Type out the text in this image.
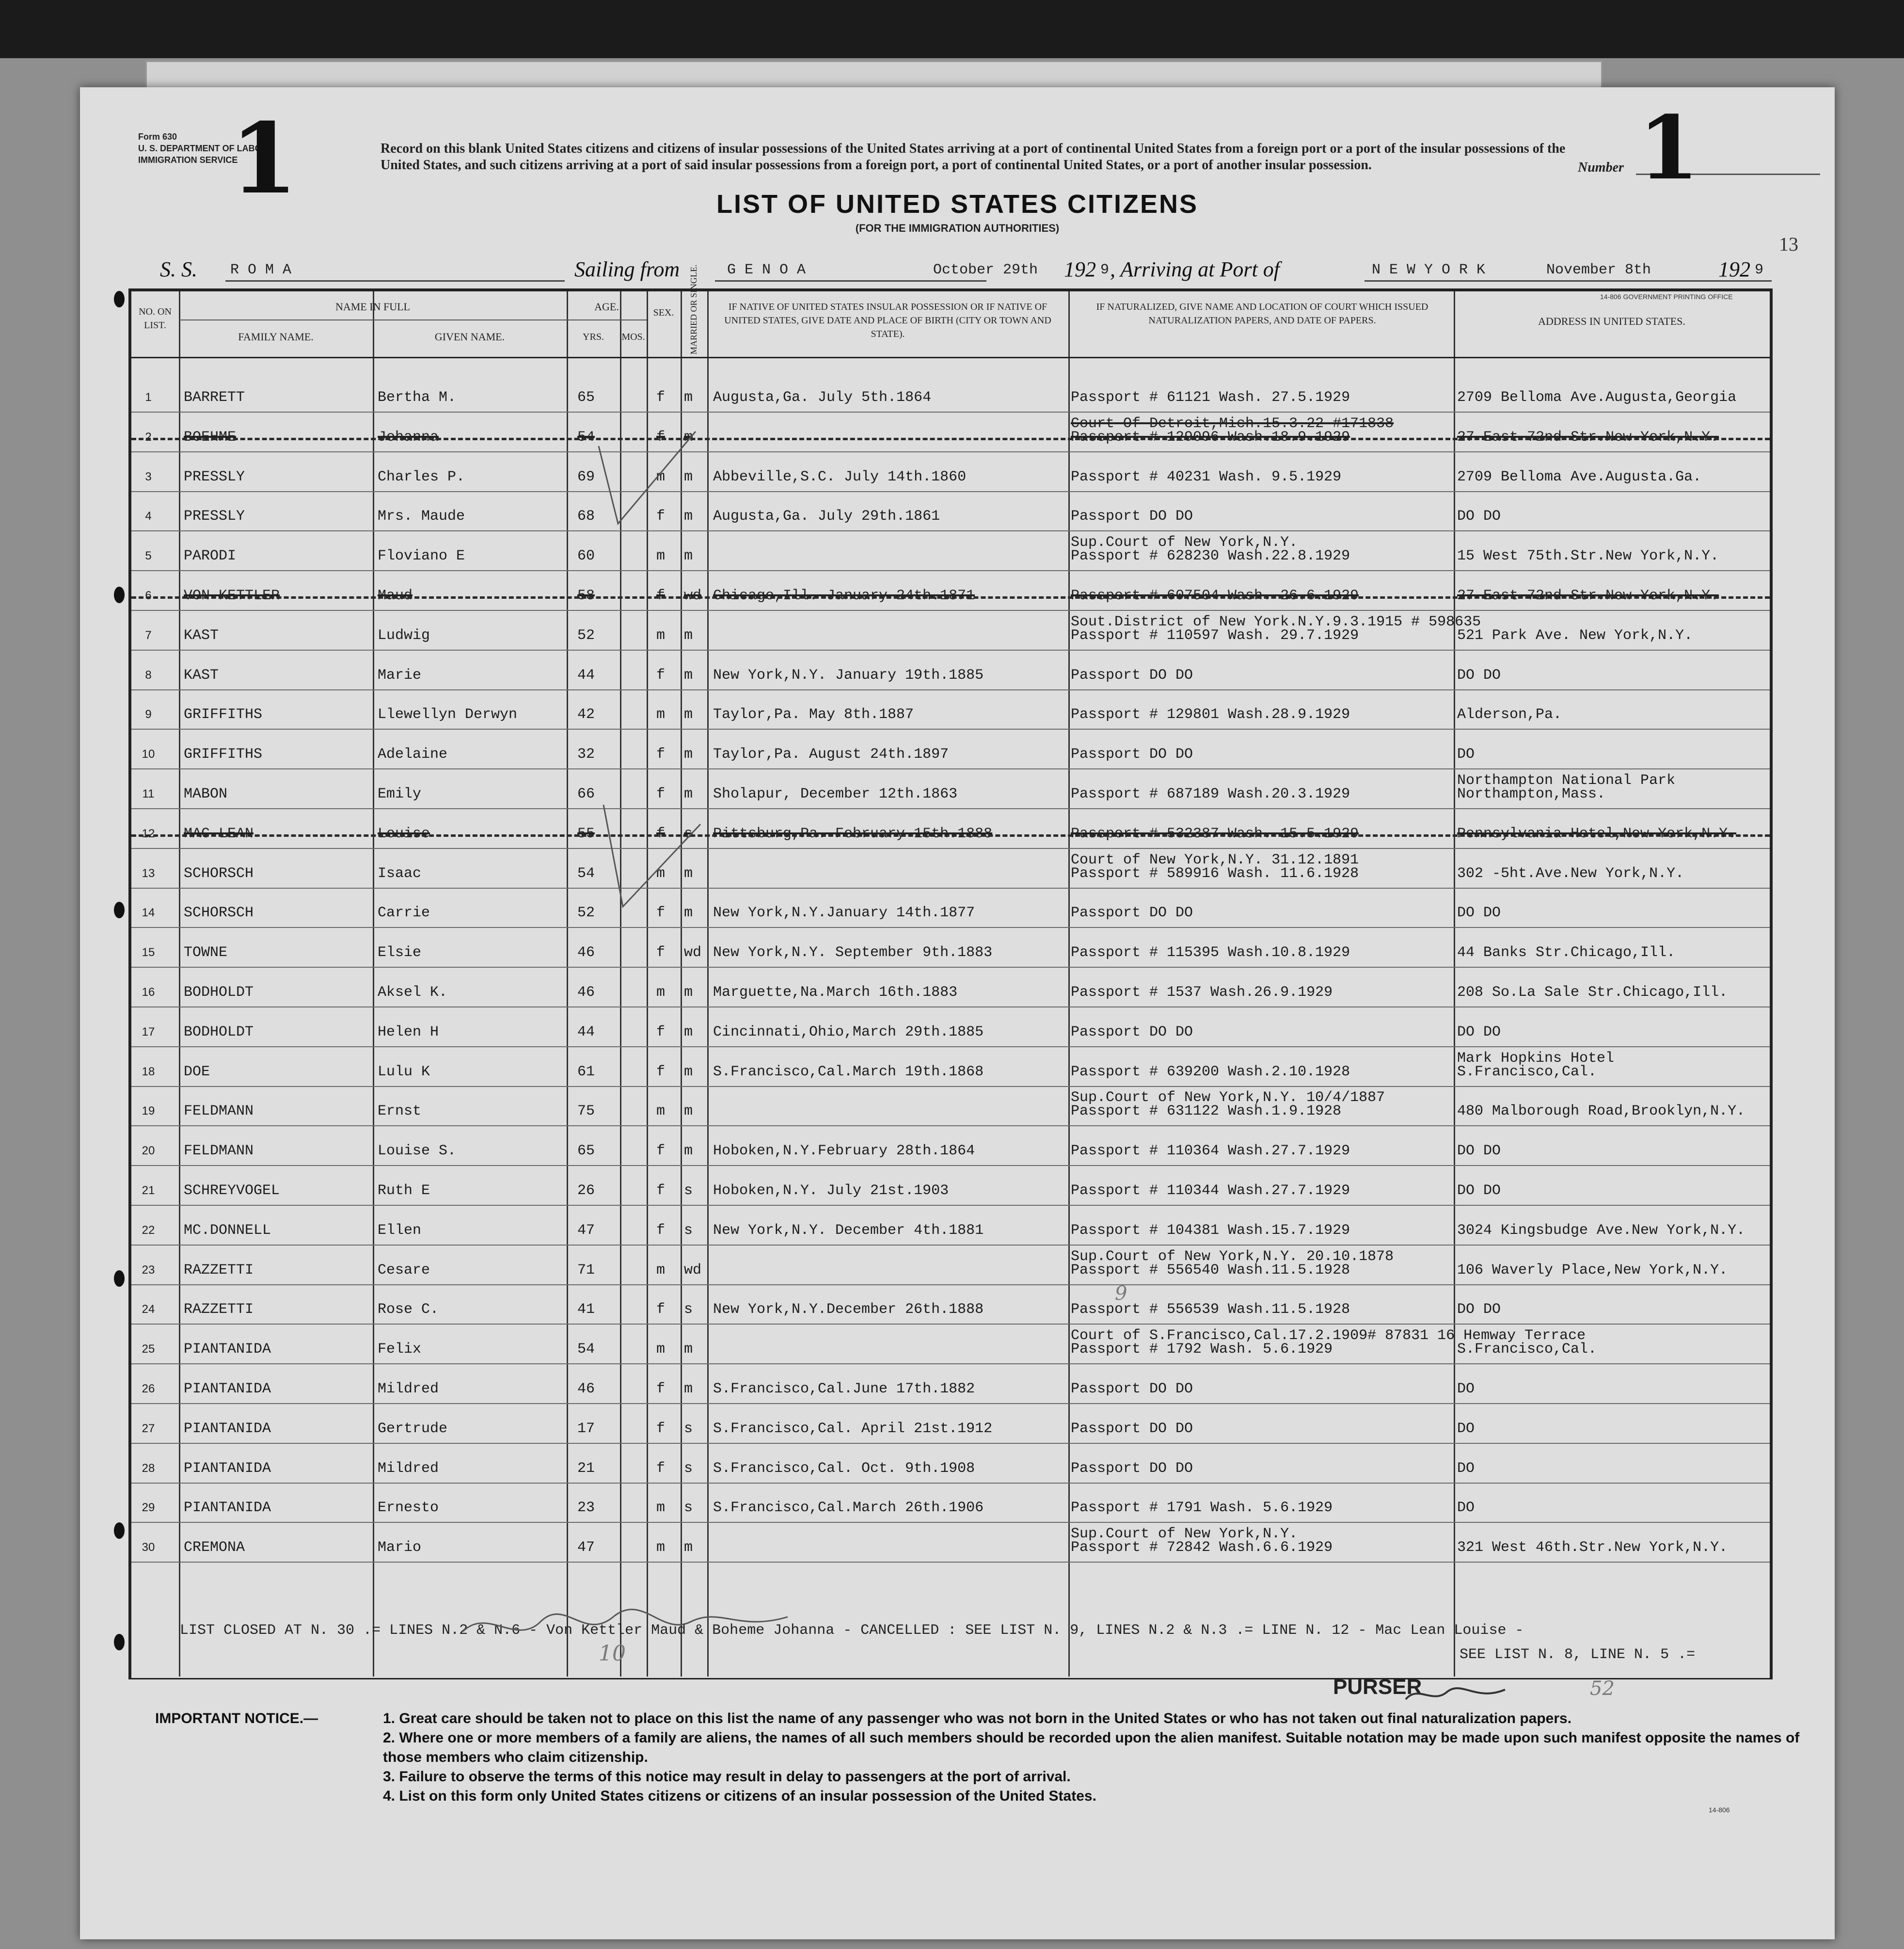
Form 630
U. S. DEPARTMENT OF LABOR
IMMIGRATION SERVICE
1	Record on this blank United States citizens and citizens of insular possessions of the United States arriving at a port of continental United States from a foreign port or a port of the insular possessions of the United States, and such citizens arriving at a port of said insular possessions from a foreign port, a port of continental United States, or a port of another insular possession.	Number 1
LIST OF UNITED STATES CITIZENS
(FOR THE IMMIGRATION AUTHORITIES)
13
S. S. R O M A	Sailing from	G E N O A	October 29th 192 9 , Arriving at Port of	N E W Y O R K	November 8th	192 9
NO. ON LIST.
NAME IN FULL
FAMILY NAME.	GIVEN NAME.
AGE.
YRS.	MOS.
SEX.	MARRIED OR SINGLE.	IF NATIVE OF UNITED STATES INSULAR POSSESSION OR IF NATIVE OF UNITED STATES, GIVE DATE AND PLACE OF BIRTH (CITY OR TOWN AND STATE).
IF NATURALIZED, GIVE NAME AND LOCATION OF COURT WHICH ISSUED NATURALIZATION PAPERS, AND DATE OF PAPERS.	ADDRESS IN UNITED STATES.
14-806 GOVERNMENT PRINTING OFFICE
1	BARRETT	Bertha M.	65	f m Augusta,Ga. July 5th.1864	Passport # 61121 Wash. 27.5.1929	2709 Belloma Ave.Augusta,Georgia
2	BOEHME	Johanna	54	f m
Court Of Detroit,Mich.15.3.22 #171838
Passport # 129096 Wash.18.9.1929	27 East 72nd Str.New York,N.Y.
3	PRESSLY	Charles P.	69	m m Abbeville,S.C. July 14th.1860	Passport # 40231 Wash. 9.5.1929	2709 Belloma Ave.Augusta.Ga.
4	PRESSLY	Mrs. Maude	68	f m Augusta,Ga. July 29th.1861	Passport DO DO	DO DO
5	PARODI	Floviano E	60	m m
Sup.Court of New York,N.Y.
Passport # 628230 Wash.22.8.1929	15 West 75th.Str.New York,N.Y.
6	VON KETTLER	Maud	58	f wd Chicago,Ill. January 24th.1871	Passport # 607504 Wash. 26.6.1929	27 East 72nd Str.New York,N.Y.
7	KAST	Ludwig	52	m m
Sout.District of New York.N.Y.9.3.1915 # 598635
Passport # 110597 Wash. 29.7.1929	521 Park Ave. New York,N.Y.
8	KAST	Marie	44	f m New York,N.Y. January 19th.1885	Passport DO DO	DO DO
9	GRIFFITHS	Llewellyn Derwyn	42	m m Taylor,Pa. May 8th.1887	Passport # 129801 Wash.28.9.1929	Alderson,Pa.
10	GRIFFITHS	Adelaine	32	f m Taylor,Pa. August 24th.1897	Passport DO DO	DO
11	MABON	Emily	66	f m Sholapur, December 12th.1863	Passport # 687189 Wash.20.3.1929
Northampton National Park
Northampton,Mass.
12	MAC LEAN	Louise	55	f s Pittsburg,Pa. February 15th.1888	Passport # 532387 Wash. 15.5.1929	Pennsylvania Hotel,New York,N.Y.
13	SCHORSCH	Isaac	54	m m
Court of New York,N.Y. 31.12.1891
Passport # 589916 Wash. 11.6.1928	302 -5ht.Ave.New York,N.Y.
14	SCHORSCH	Carrie	52	f m New York,N.Y.January 14th.1877	Passport DO DO	DO DO
15	TOWNE	Elsie	46	f wd New York,N.Y. September 9th.1883	Passport # 115395 Wash.10.8.1929	44 Banks Str.Chicago,Ill.
16	BODHOLDT	Aksel K.	46	m m Marguette,Na.March 16th.1883	Passport # 1537 Wash.26.9.1929	208 So.La Sale Str.Chicago,Ill.
17	BODHOLDT	Helen H	44	f m Cincinnati,Ohio,March 29th.1885	Passport DO DO	DO DO
18	DOE	Lulu K	61	f m S.Francisco,Cal.March 19th.1868	Passport # 639200 Wash.2.10.1928
Mark Hopkins Hotel
S.Francisco,Cal.
19	FELDMANN	Ernst	75	m m
Sup.Court of New York,N.Y. 10/4/1887
Passport # 631122 Wash.1.9.1928	480 Malborough Road,Brooklyn,N.Y.
20	FELDMANN	Louise S.	65	f m Hoboken,N.Y.February 28th.1864	Passport # 110364 Wash.27.7.1929	DO DO
21	SCHREYVOGEL	Ruth E	26	f s Hoboken,N.Y. July 21st.1903	Passport # 110344 Wash.27.7.1929	DO DO
22	MC.DONNELL	Ellen	47	f s New York,N.Y. December 4th.1881	Passport # 104381 Wash.15.7.1929	3024 Kingsbudge Ave.New York,N.Y.
23	RAZZETTI	Cesare	71	m wd
Sup.Court of New York,N.Y. 20.10.1878
Passport # 556540 Wash.11.5.1928	106 Waverly Place,New York,N.Y.
24	RAZZETTI	Rose C.	41	f s New York,N.Y.December 26th.1888	Passport # 556539 Wash.11.5.1928	DO DO
25	PIANTANIDA	Felix	54	m m
Court of S.Francisco,Cal.17.2.1909# 87831 16 Hemway Terrace
Passport # 1792 Wash. 5.6.1929	S.Francisco,Cal.
26	PIANTANIDA	Mildred	46	f m S.Francisco,Cal.June 17th.1882	Passport DO DO	DO
27	PIANTANIDA	Gertrude	17	f s S.Francisco,Cal. April 21st.1912	Passport DO DO	DO
28	PIANTANIDA	Mildred	21	f s S.Francisco,Cal. Oct. 9th.1908	Passport DO DO	DO
29	PIANTANIDA	Ernesto	23	m s S.Francisco,Cal.March 26th.1906	Passport # 1791 Wash. 5.6.1929	DO
30	CREMONA	Mario	47	m m
Sup.Court of New York,N.Y.
Passport # 72842 Wash.6.6.1929	321 West 46th.Str.New York,N.Y.
LIST CLOSED AT N. 30 .= LINES N.2 & N.6 - Von Kettler Maud & Boheme Johanna - CANCELLED : SEE LIST N. 9, LINES N.2 & N.3 .= LINE N. 12 - Mac Lean Louise -
SEE LIST N. 8, LINE N. 5 .=
9
52
10
PURSER
IMPORTANT NOTICE.—	1. Great care should be taken not to place on this list the name of any passenger who was not born in the United States or who has not taken out final naturalization papers.
2. Where one or more members of a family are aliens, the names of all such members should be recorded upon the alien manifest. Suitable notation may be made upon such manifest opposite the names of those members who claim citizenship.
3. Failure to observe the terms of this notice may result in delay to passengers at the port of arrival.
4. List on this form only United States citizens or citizens of an insular possession of the United States.
14-806
